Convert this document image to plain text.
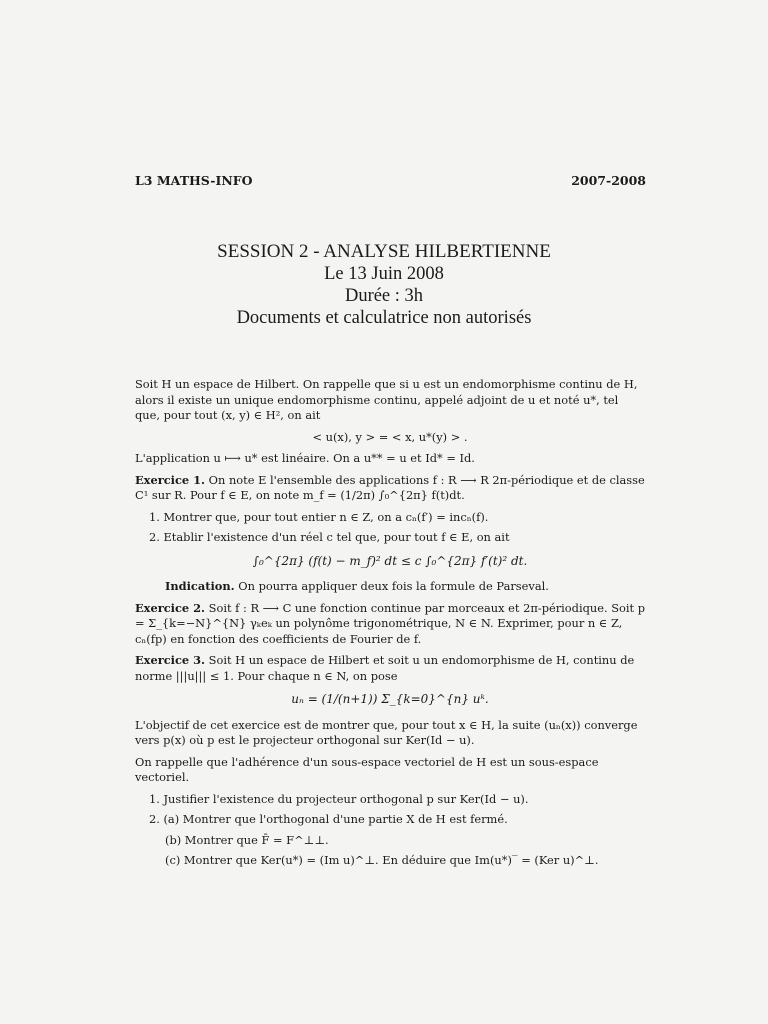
L3 MATHS-INFO	2007-2008
SESSION 2 - ANALYSE HILBERTIENNE
Le 13 Juin 2008
Durée : 3h
Documents et calculatrice non autorisés

Soit H un espace de Hilbert. On rappelle que si u est un endomorphisme continu de H, alors il existe un unique endomorphisme continu, appelé adjoint de u et noté u*, tel que, pour tout (x, y) ∈ H², on ait

< u(x), y > = < x, u*(y) > .

L'application u ⟼ u* est linéaire. On a u** = u et Id* = Id.

Exercice 1. On note E l'ensemble des applications f : R ⟶ R 2π-périodique et de classe C¹ sur R. Pour f ∈ E, on note m_f = (1/2π) ∫₀^{2π} f(t)dt.

1. Montrer que, pour tout entier n ∈ Z, on a cₙ(f′) = incₙ(f).

2. Etablir l'existence d'un réel c tel que, pour tout f ∈ E, on ait

∫₀^{2π} (f(t) − m_f)² dt ≤ c ∫₀^{2π} f′(t)² dt.

Indication. On pourra appliquer deux fois la formule de Parseval.

Exercice 2. Soit f : R ⟶ C une fonction continue par morceaux et 2π-périodique. Soit p = Σ_{k=−N}^{N} γₖeₖ un polynôme trigonométrique, N ∈ N. Exprimer, pour n ∈ Z, cₙ(fp) en fonction des coefficients de Fourier de f.

Exercice 3. Soit H un espace de Hilbert et soit u un endomorphisme de H, continu de norme |||u||| ≤ 1. Pour chaque n ∈ N, on pose

uₙ = (1/(n+1)) Σ_{k=0}^{n} uᵏ.

L'objectif de cet exercice est de montrer que, pour tout x ∈ H, la suite (uₙ(x)) converge vers p(x) où p est le projecteur orthogonal sur Ker(Id − u).

On rappelle que l'adhérence d'un sous-espace vectoriel de H est un sous-espace vectoriel.

1. Justifier l'existence du projecteur orthogonal p sur Ker(Id − u).

2. (a) Montrer que l'orthogonal d'une partie X de H est fermé.

(b) Montrer que F̄ = F^⊥⊥.

(c) Montrer que Ker(u*) = (Im u)^⊥. En déduire que Im(u*)‾ = (Ker u)^⊥.
